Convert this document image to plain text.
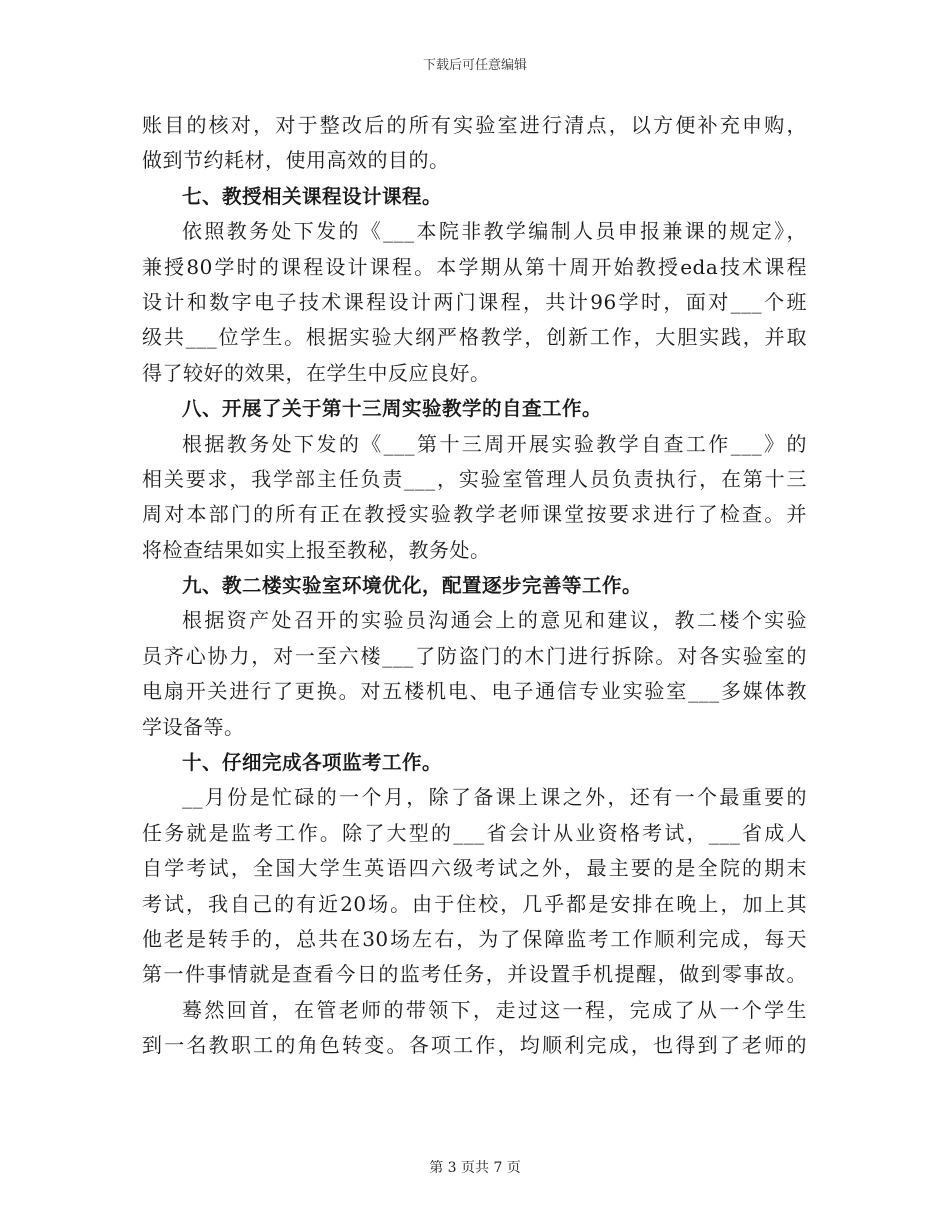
下载后可任意编辑
账目的核对，对于整改后的所有实验室进行清点，以方便补充申购，
做到节约耗材，使用高效的目的。
七、教授相关课程设计课程。
依照教务处下发的《___本院非教学编制人员申报兼课的规定》，
兼授80学时的课程设计课程。本学期从第十周开始教授eda技术课程
设计和数字电子技术课程设计两门课程，共计96学时，面对___个班
级共___位学生。根据实验大纲严格教学，创新工作，大胆实践，并取
得了较好的效果，在学生中反应良好。
八、开展了关于第十三周实验教学的自查工作。
根据教务处下发的《___第十三周开展实验教学自查工作___》的
相关要求，我学部主任负责___，实验室管理人员负责执行，在第十三
周对本部门的所有正在教授实验教学老师课堂按要求进行了检查。并
将检查结果如实上报至教秘，教务处。
九、教二楼实验室环境优化，配置逐步完善等工作。
根据资产处召开的实验员沟通会上的意见和建议，教二楼个实验
员齐心协力，对一至六楼___了防盗门的木门进行拆除。对各实验室的
电扇开关进行了更换。对五楼机电、电子通信专业实验室___多媒体教
学设备等。
十、仔细完成各项监考工作。
__月份是忙碌的一个月，除了备课上课之外，还有一个最重要的
任务就是监考工作。除了大型的___省会计从业资格考试，___省成人
自学考试，全国大学生英语四六级考试之外，最主要的是全院的期末
考试，我自己的有近20场。由于住校，几乎都是安排在晚上，加上其
他老是转手的，总共在30场左右，为了保障监考工作顺利完成，每天
第一件事情就是查看今日的监考任务，并设置手机提醒，做到零事故。
蓦然回首，在管老师的带领下，走过这一程，完成了从一个学生
到一名教职工的角色转变。各项工作，均顺利完成，也得到了老师的
第 3 页共 7 页
